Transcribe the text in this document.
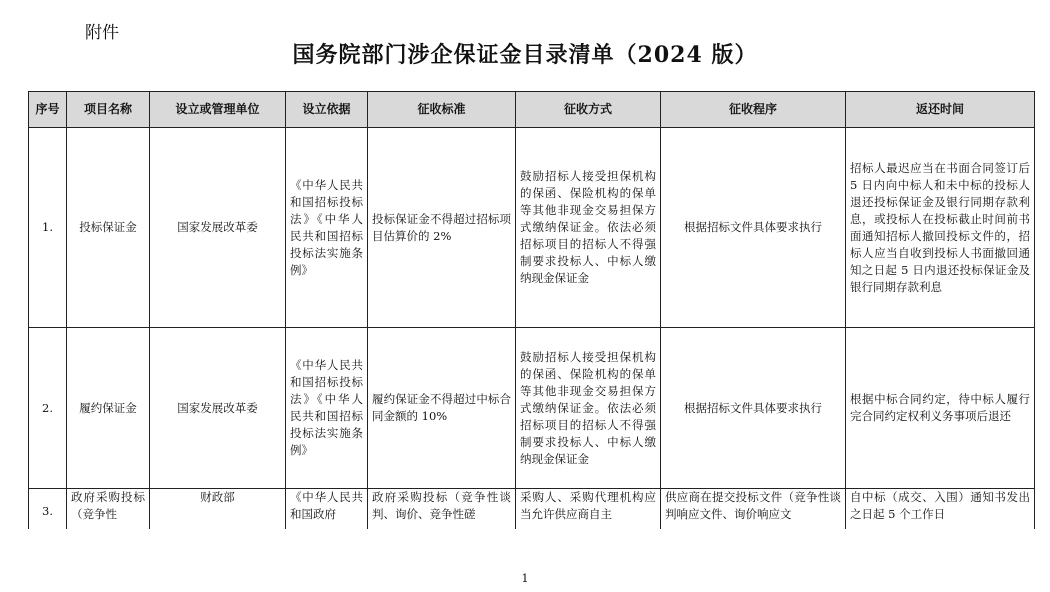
附件
国务院部门涉企保证金目录清单（2024 版）
序号	项目名称	设立或管理单位	设立依据	征收标准	征收方式	征收程序	返还时间
1.	投标保证金	国家发展改革委	《中华人民共和国招标投标法》《中华人民共和国招标投标法实施条例》	投标保证金不得超过招标项目估算价的 2%	鼓励招标人接受担保机构的保函、保险机构的保单等其他非现金交易担保方式缴纳保证金。依法必须招标项目的招标人不得强制要求投标人、中标人缴纳现金保证金	根据招标文件具体要求执行	招标人最迟应当在书面合同签订后 5 日内向中标人和未中标的投标人退还投标保证金及银行同期存款利息，或投标人在投标截止时间前书面通知招标人撤回投标文件的，招标人应当自收到投标人书面撤回通知之日起 5 日内退还投标保证金及银行同期存款利息
2.	履约保证金	国家发展改革委	《中华人民共和国招标投标法》《中华人民共和国招标投标法实施条例》	履约保证金不得超过中标合同金额的 10%	鼓励招标人接受担保机构的保函、保险机构的保单等其他非现金交易担保方式缴纳保证金。依法必须招标项目的招标人不得强制要求投标人、中标人缴纳现金保证金	根据招标文件具体要求执行	根据中标合同约定，待中标人履行完合同约定权利义务事项后退还
3.	政府采购投标（竞争性	财政部	《中华人民共和国政府	政府采购投标（竞争性谈判、询价、竞争性磋	采购人、采购代理机构应当允许供应商自主	供应商在提交投标文件（竞争性谈判响应文件、询价响应文	自中标（成交、入围）通知书发出之日起 5 个工作日
1
